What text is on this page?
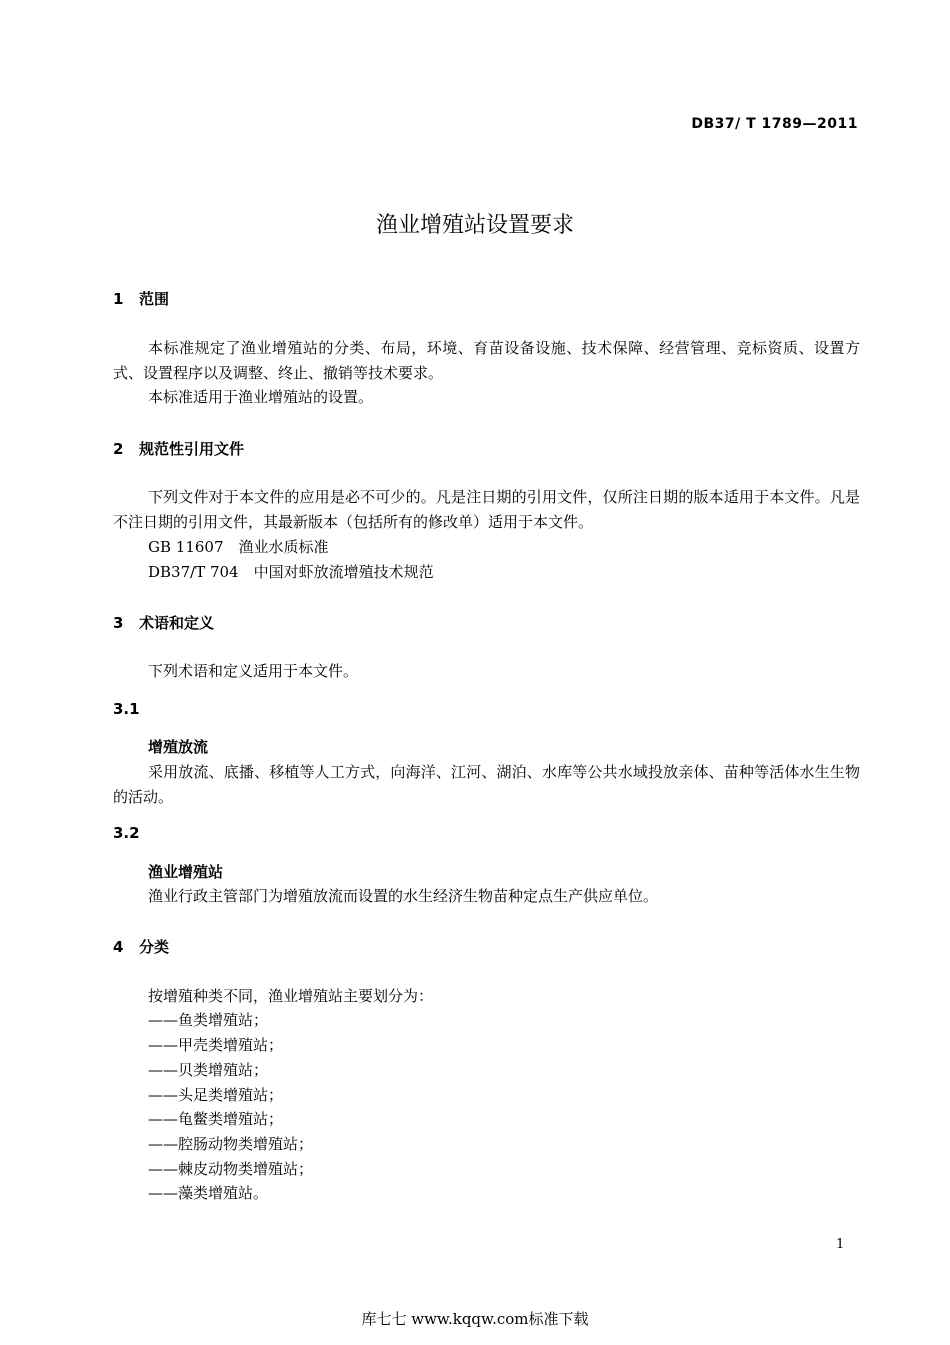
DB37/ T 1789—2011
渔业增殖站设置要求
1 范围
本标准规定了渔业增殖站的分类、布局，环境、育苗设备设施、技术保障、经营管理、竞标资质、设置方式、设置程序以及调整、终止、撤销等技术要求。
本标准适用于渔业增殖站的设置。
2 规范性引用文件
下列文件对于本文件的应用是必不可少的。凡是注日期的引用文件，仅所注日期的版本适用于本文件。凡是不注日期的引用文件，其最新版本（包括所有的修改单）适用于本文件。
GB 11607　渔业水质标准
DB37/T 704　中国对虾放流增殖技术规范
3 术语和定义
下列术语和定义适用于本文件。
3.1
增殖放流
采用放流、底播、移植等人工方式，向海洋、江河、湖泊、水库等公共水域投放亲体、苗种等活体水生生物的活动。
3.2
渔业增殖站
渔业行政主管部门为增殖放流而设置的水生经济生物苗种定点生产供应单位。
4 分类
按增殖种类不同，渔业增殖站主要划分为：
——鱼类增殖站；
——甲壳类增殖站；
——贝类增殖站；
——头足类增殖站；
——龟鳖类增殖站；
——腔肠动物类增殖站；
——棘皮动物类增殖站；
——藻类增殖站。
1
库七七 www.kqqw.com标准下载
